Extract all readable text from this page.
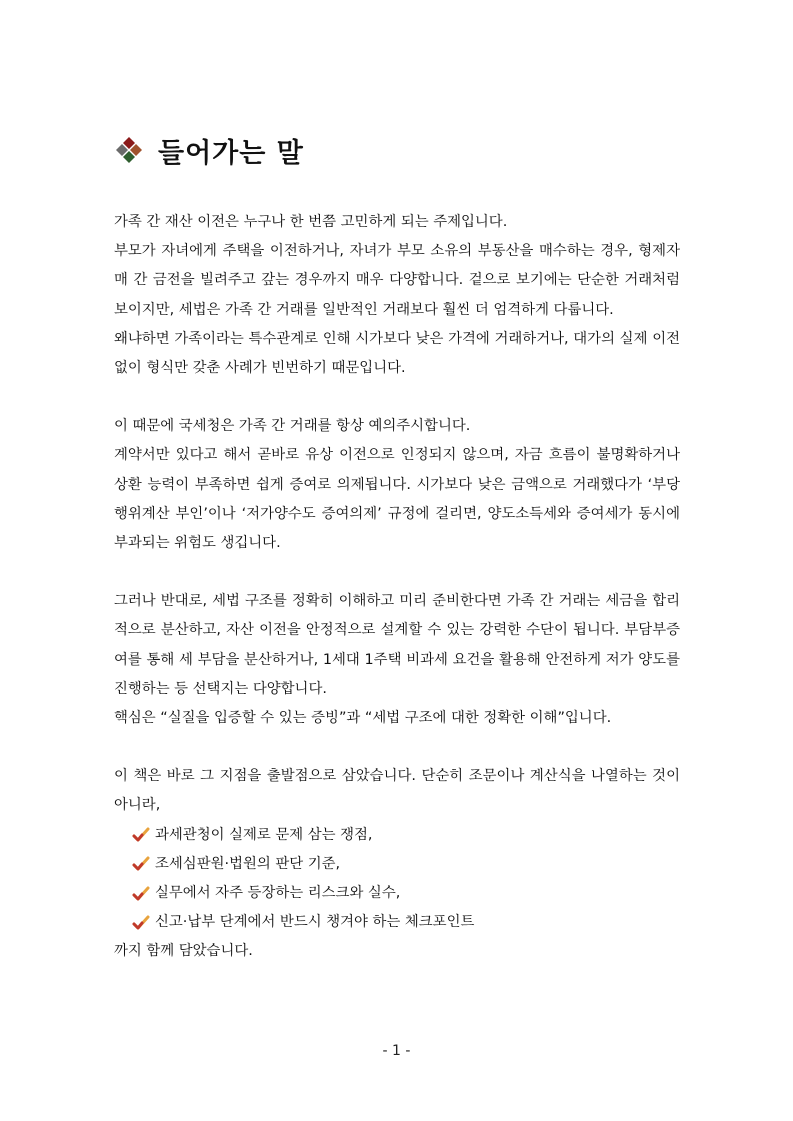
들어가는 말

가족 간 재산 이전은 누구나 한 번쯤 고민하게 되는 주제입니다.

부모가 자녀에게 주택을 이전하거나, 자녀가 부모 소유의 부동산을 매수하는 경우, 형제자매 간 금전을 빌려주고 갚는 경우까지 매우 다양합니다. 겉으로 보기에는 단순한 거래처럼 보이지만, 세법은 가족 간 거래를 일반적인 거래보다 훨씬 더 엄격하게 다룹니다.

왜냐하면 가족이라는 특수관계로 인해 시가보다 낮은 가격에 거래하거나, 대가의 실제 이전 없이 형식만 갖춘 사례가 빈번하기 때문입니다.

이 때문에 국세청은 가족 간 거래를 항상 예의주시합니다.

계약서만 있다고 해서 곧바로 유상 이전으로 인정되지 않으며, 자금 흐름이 불명확하거나 상환 능력이 부족하면 쉽게 증여로 의제됩니다. 시가보다 낮은 금액으로 거래했다가 ‘부당행위계산 부인’이나 ‘저가양수도 증여의제’ 규정에 걸리면, 양도소득세와 증여세가 동시에 부과되는 위험도 생깁니다.

그러나 반대로, 세법 구조를 정확히 이해하고 미리 준비한다면 가족 간 거래는 세금을 합리적으로 분산하고, 자산 이전을 안정적으로 설계할 수 있는 강력한 수단이 됩니다. 부담부증여를 통해 세 부담을 분산하거나, 1세대 1주택 비과세 요건을 활용해 안전하게 저가 양도를 진행하는 등 선택지는 다양합니다.

핵심은 “실질을 입증할 수 있는 증빙”과 “세법 구조에 대한 정확한 이해”입니다.

이 책은 바로 그 지점을 출발점으로 삼았습니다. 단순히 조문이나 계산식을 나열하는 것이 아니라,

과세관청이 실제로 문제 삼는 쟁점,
조세심판원·법원의 판단 기준,
실무에서 자주 등장하는 리스크와 실수,
신고·납부 단계에서 반드시 챙겨야 하는 체크포인트

까지 함께 담았습니다.

- 1 -
